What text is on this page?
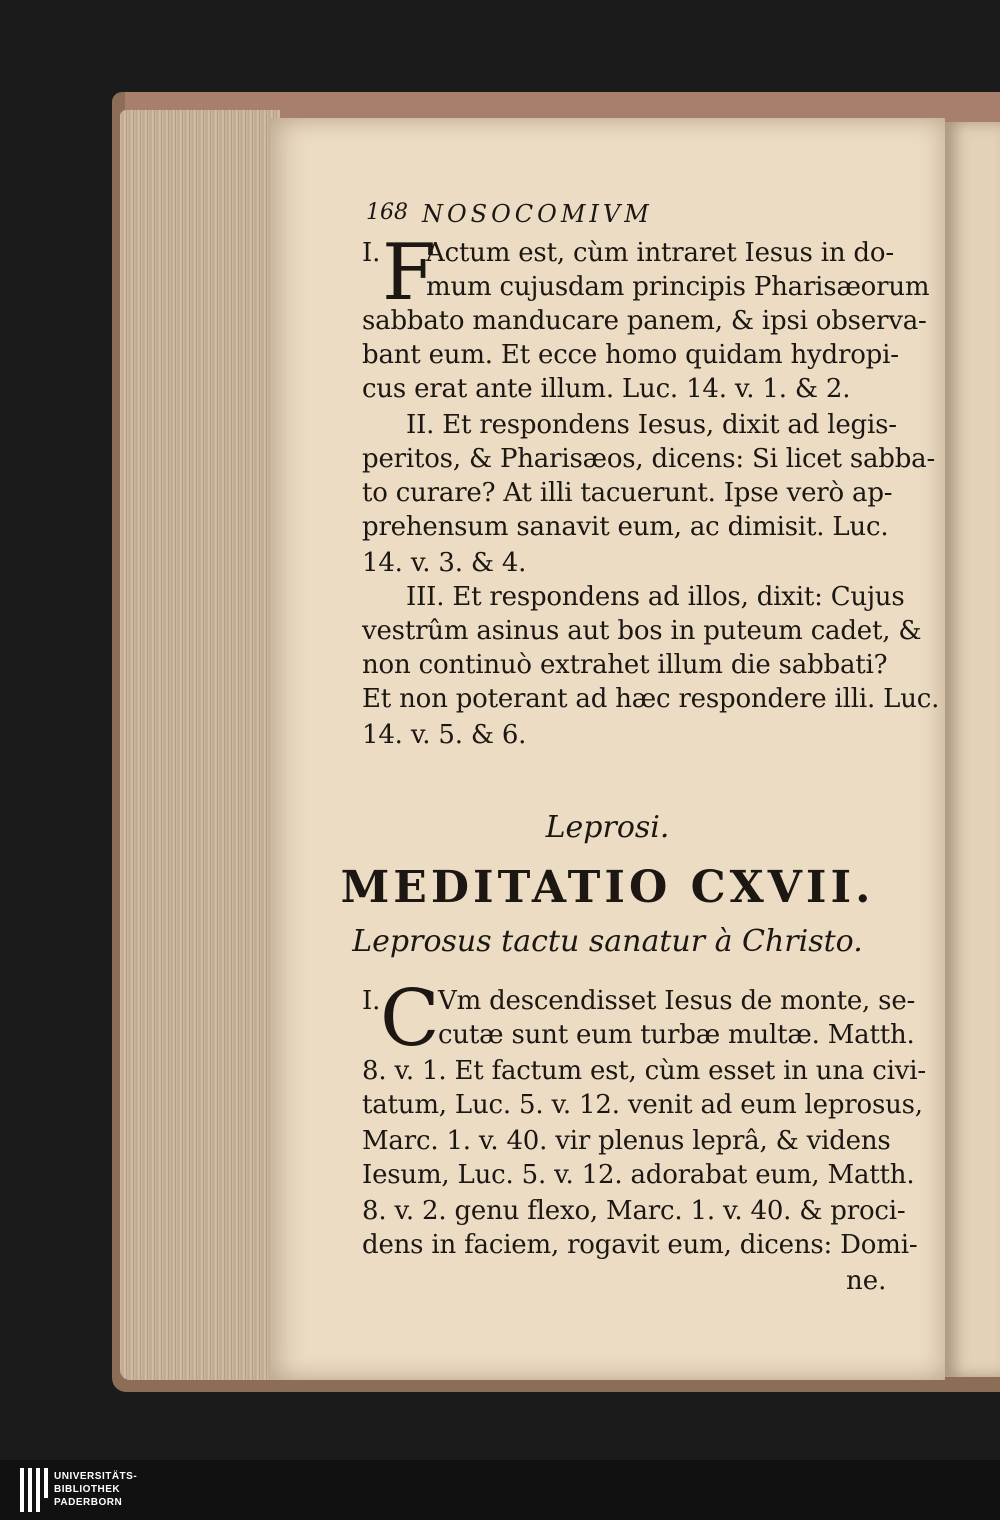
168 NOSOCOMIVM
I. F
Actum est, cùm intraret Iesus in do-
mum cujusdam principis Pharisæorum
sabbato manducare panem, & ipsi observa-
bant eum. Et ecce homo quidam hydropi-
cus erat ante illum. Luc. 14. v. 1. & 2.
II. Et respondens Iesus, dixit ad legis-
peritos, & Pharisæos, dicens: Si licet sabba-
to curare? At illi tacuerunt. Ipse verò ap-
prehensum sanavit eum, ac dimisit. Luc.
14. v. 3. & 4.
III. Et respondens ad illos, dixit: Cujus
vestrûm asinus aut bos in puteum cadet, &
non continuò extrahet illum die sabbati?
Et non poterant ad hæc respondere illi. Luc.
14. v. 5. & 6.
Leprosi.
MEDITATIO CXVII.
Leprosus tactu sanatur à Christo.
I. C
Vm descendisset Iesus de monte, se-
cutæ sunt eum turbæ multæ. Matth.
8. v. 1. Et factum est, cùm esset in una civi-
tatum, Luc. 5. v. 12. venit ad eum leprosus,
Marc. 1. v. 40. vir plenus leprâ, & videns
Iesum, Luc. 5. v. 12. adorabat eum, Matth.
8. v. 2. genu flexo, Marc. 1. v. 40. & proci-
dens in faciem, rogavit eum, dicens: Domi-
ne.
UNIVERSITÄTS-
BIBLIOTHEK
PADERBORN
